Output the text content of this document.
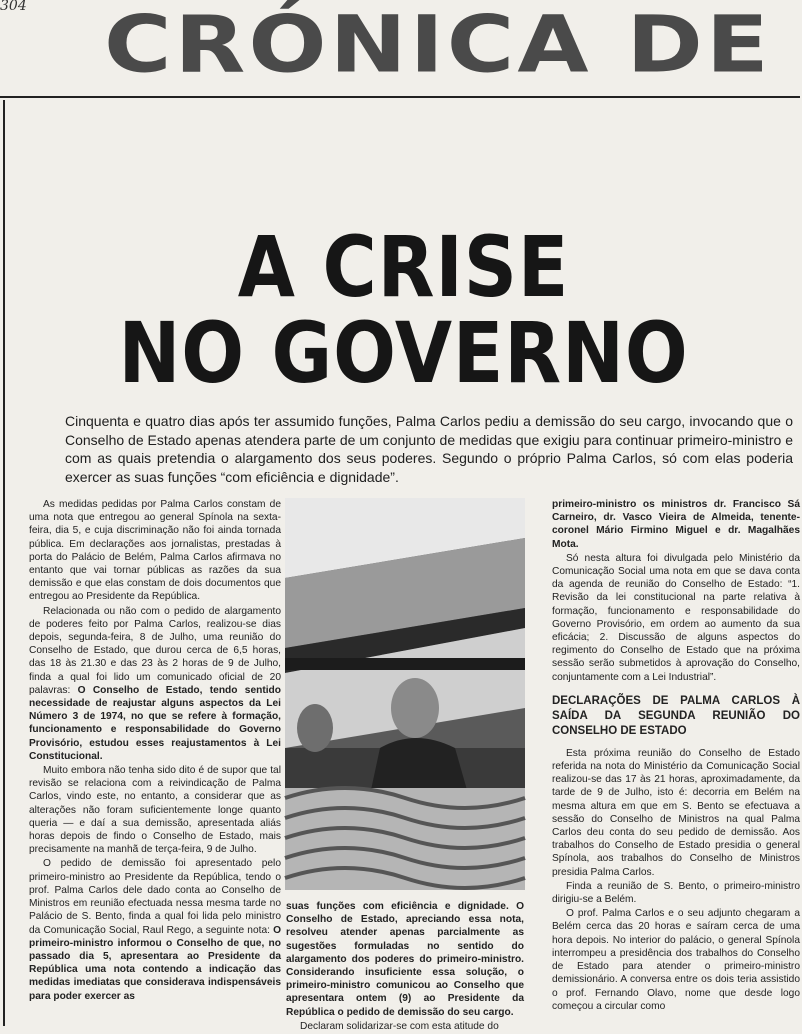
304 CRÓNICA DE
A CRISE
NO GOVERNO

Cinquenta e quatro dias após ter assumido funções, Palma Carlos pediu a demissão do seu cargo, invocando que o Conselho de Estado apenas atendera parte de um conjunto de medidas que exigiu para continuar primeiro-ministro e com as quais pretendia o alargamento dos seus poderes. Segundo o próprio Palma Carlos, só com elas poderia exercer as suas funções “com eficiência e dignidade”.

As medidas pedidas por Palma Carlos constam de uma nota que entregou ao general Spínola na sexta-feira, dia 5, e cuja discriminação não foi ainda tornada pública. Em declarações aos jornalistas, prestadas à porta do Palácio de Belém, Palma Carlos afirmava no entanto que vai tornar públicas as razões da sua demissão e que elas constam de dois documentos que entregou ao Presidente da República.

Relacionada ou não com o pedido de alargamento de poderes feito por Palma Carlos, realizou-se dias depois, segunda-feira, 8 de Julho, uma reunião do Conselho de Estado, que durou cerca de 6,5 horas, das 18 às 21.30 e das 23 às 2 horas de 9 de Julho, finda a qual foi lido um comunicado oficial de 20 palavras: O Conselho de Estado, tendo sentido necessidade de reajustar alguns aspectos da Lei Número 3 de 1974, no que se refere à formação, funcionamento e responsabilidade do Governo Provisório, estudou esses reajustamentos à Lei Constitucional.

Muito embora não tenha sido dito é de supor que tal revisão se relaciona com a reivindicação de Palma Carlos, vindo este, no entanto, a considerar que as alterações não foram suficientemente longe quanto queria — e daí a sua demissão, apresentada aliás horas depois de findo o Conselho de Estado, mais precisamente na manhã de terça-feira, 9 de Julho.

O pedido de demissão foi apresentado pelo primeiro-ministro ao Presidente da República, tendo o prof. Palma Carlos dele dado conta ao Conselho de Ministros em reunião efectuada nessa mesma tarde no Palácio de S. Bento, finda a qual foi lida pelo ministro da Comunicação Social, Raul Rego, a seguinte nota: O primeiro-ministro informou o Conselho de que, no passado dia 5, apresentara ao Presidente da República uma nota contendo a indicação das medidas imediatas que considerava indispensáveis para poder exercer as

suas funções com eficiência e dignidade. O Conselho de Estado, apreciando essa nota, resolveu atender apenas parcialmente as sugestões formuladas no sentido do alargamento dos poderes do primeiro-ministro. Considerando insuficiente essa solução, o primeiro-ministro comunicou ao Conselho que apresentara ontem (9) ao Presidente da República o pedido de demissão do seu cargo.

Declaram solidarizar-se com esta atitude do

primeiro-ministro os ministros dr. Francisco Sá Carneiro, dr. Vasco Vieira de Almeida, tenente-coronel Mário Firmino Miguel e dr. Magalhães Mota.

Só nesta altura foi divulgada pelo Ministério da Comunicação Social uma nota em que se dava conta da agenda de reunião do Conselho de Estado: “1. Revisão da lei constitucional na parte relativa à formação, funcionamento e responsabilidade do Governo Provisório, em ordem ao aumento da sua eficácia; 2. Discussão de alguns aspectos do regimento do Conselho de Estado que na próxima sessão serão submetidos à aprovação do Conselho, conjuntamente com a Lei Industrial”.

DECLARAÇÕES DE PALMA CARLOS À SAÍDA DA SEGUNDA REUNIÃO DO CONSELHO DE ESTADO

Esta próxima reunião do Conselho de Estado referida na nota do Ministério da Comunicação Social realizou-se das 17 às 21 horas, aproximadamente, da tarde de 9 de Julho, isto é: decorria em Belém na mesma altura em que em S. Bento se efectuava a sessão do Conselho de Ministros na qual Palma Carlos deu conta do seu pedido de demissão. Aos trabalhos do Conselho de Estado presidia o general Spínola, aos trabalhos do Conselho de Ministros presidia Palma Carlos.

Finda a reunião de S. Bento, o primeiro-ministro dirigiu-se a Belém.

O prof. Palma Carlos e o seu adjunto chegaram a Belém cerca das 20 horas e saíram cerca de uma hora depois. No interior do palácio, o general Spínola interrompeu a presidência dos trabalhos do Conselho de Estado para atender o primeiro-ministro demissionário. A conversa entre os dois teria assistido o prof. Fernando Olavo, nome que desde logo começou a circular como
